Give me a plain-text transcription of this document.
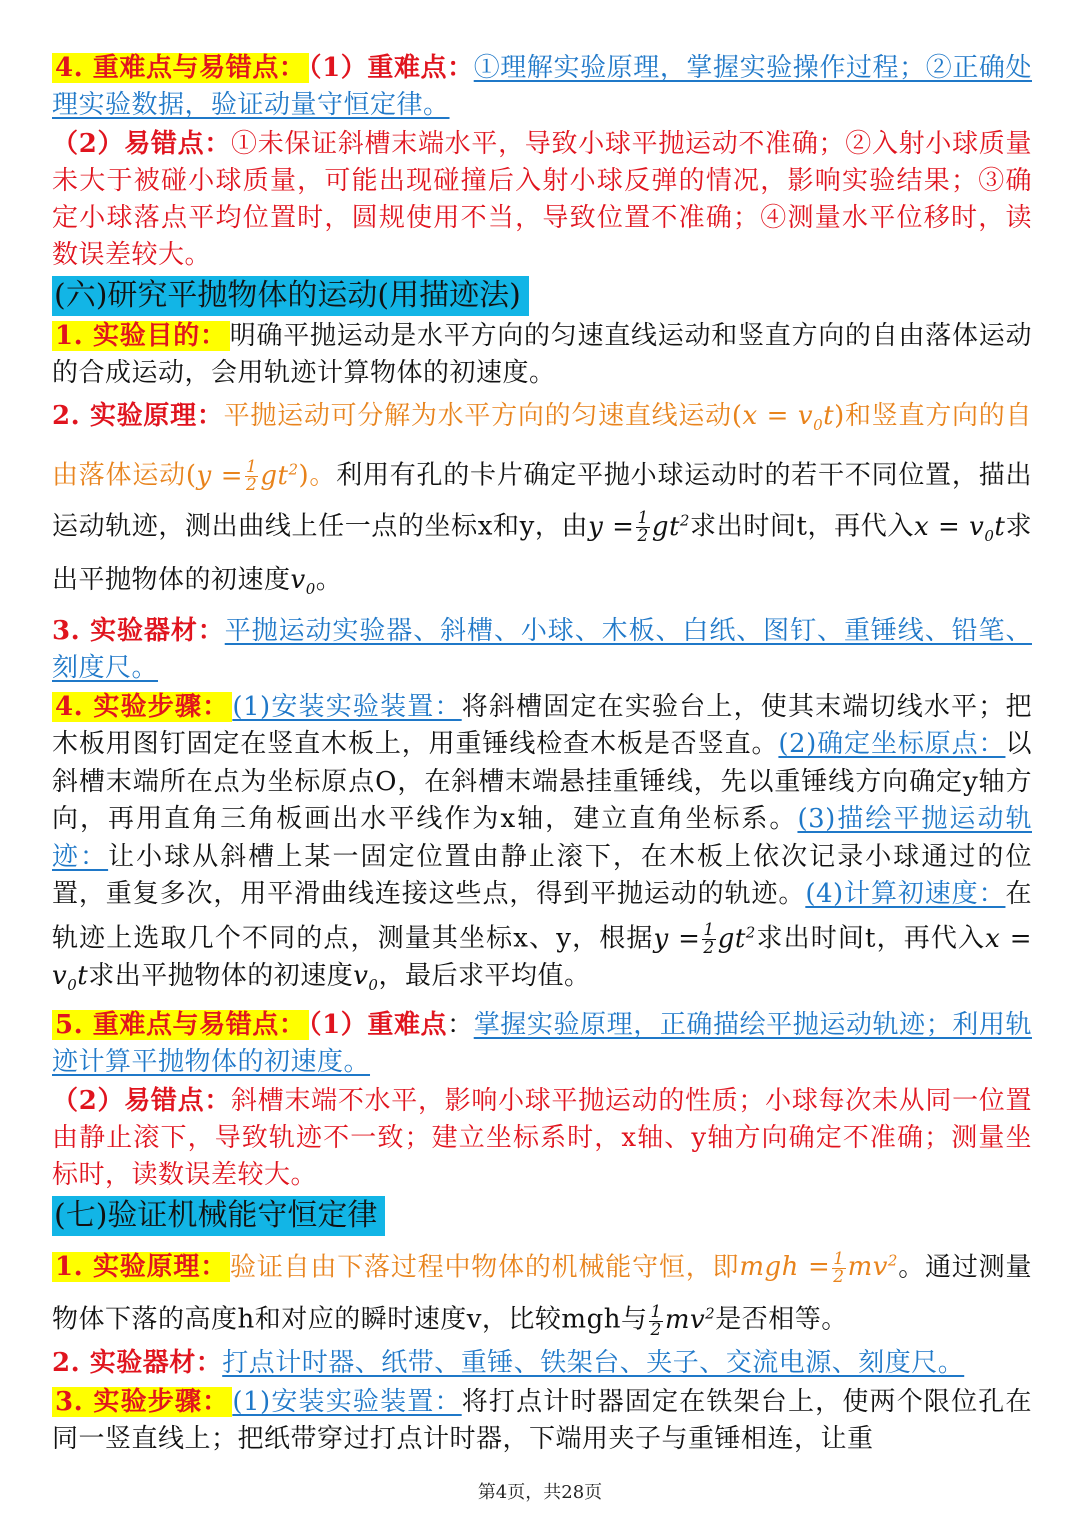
4. 重难点与易错点： （1）重难点：①理解实验原理，掌握实验操作过程；②正确处理实验数据，验证动量守恒定律。

（2）易错点：①未保证斜槽末端水平，导致小球平抛运动不准确；②入射小球质量未大于被碰小球质量，可能出现碰撞后入射小球反弹的情况，影响实验结果；③确定小球落点平均位置时，圆规使用不当，导致位置不准确；④测量水平位移时，读数误差较大。

(六)研究平抛物体的运动(用描迹法)

1. 实验目的： 明确平抛运动是水平方向的匀速直线运动和竖直方向的自由落体运动的合成运动，会用轨迹计算物体的初速度。

2. 实验原理：平抛运动可分解为水平方向的匀速直线运动$(x = v_0t)$和竖直方向的自由落体运动$(y = \frac{1}{2} gt^2)$。利用有孔的卡片确定平抛小球运动时的若干不同位置，描出运动轨迹，测出曲线上任一点的坐标x和y，由$y = \frac{1}{2} gt^2$求出时间t，再代入$x = v_0t$求出平抛物体的初速度$v_0$。

3. 实验器材：平抛运动实验器、斜槽、小球、木板、白纸、图钉、重锤线、铅笔、刻度尺。

4. 实验步骤： (1)安装实验装置：将斜槽固定在实验台上，使其末端切线水平；把木板用图钉固定在竖直木板上，用重锤线检查木板是否竖直。(2)确定坐标原点：以斜槽末端所在点为坐标原点O，在斜槽末端悬挂重锤线，先以重锤线方向确定y轴方向，再用直角三角板画出水平线作为x轴，建立直角坐标系。(3)描绘平抛运动轨迹：让小球从斜槽上某一固定位置由静止滚下，在木板上依次记录小球通过的位置，重复多次，用平滑曲线连接这些点，得到平抛运动的轨迹。(4)计算初速度：在轨迹上选取几个不同的点，测量其坐标x、y，根据$y = \frac{1}{2} gt^2$求出时间t，再代入$x = v_0t$求出平抛物体的初速度$v_0$，最后求平均值。

5. 重难点与易错点： （1）重难点：掌握实验原理，正确描绘平抛运动轨迹；利用轨迹计算平抛物体的初速度。

（2）易错点：斜槽末端不水平，影响小球平抛运动的性质；小球每次未从同一位置由静止滚下，导致轨迹不一致；建立坐标系时，x轴、y轴方向确定不准确；测量坐标时，读数误差较大。

(七)验证机械能守恒定律

1. 实验原理： 验证自由下落过程中物体的机械能守恒，即mgh = $\frac{1}{2} mv^2$。通过测量物体下落的高度h和对应的瞬时速度v，比较mgh与 $\frac{1}{2} mv^2$是否相等。

2. 实验器材：打点计时器、纸带、重锤、铁架台、夹子、交流电源、刻度尺。

3. 实验步骤： (1)安装实验装置：将打点计时器固定在铁架台上，使两个限位孔在同一竖直线上；把纸带穿过打点计时器，下端用夹子与重锤相连，让重

第4页，共28页
